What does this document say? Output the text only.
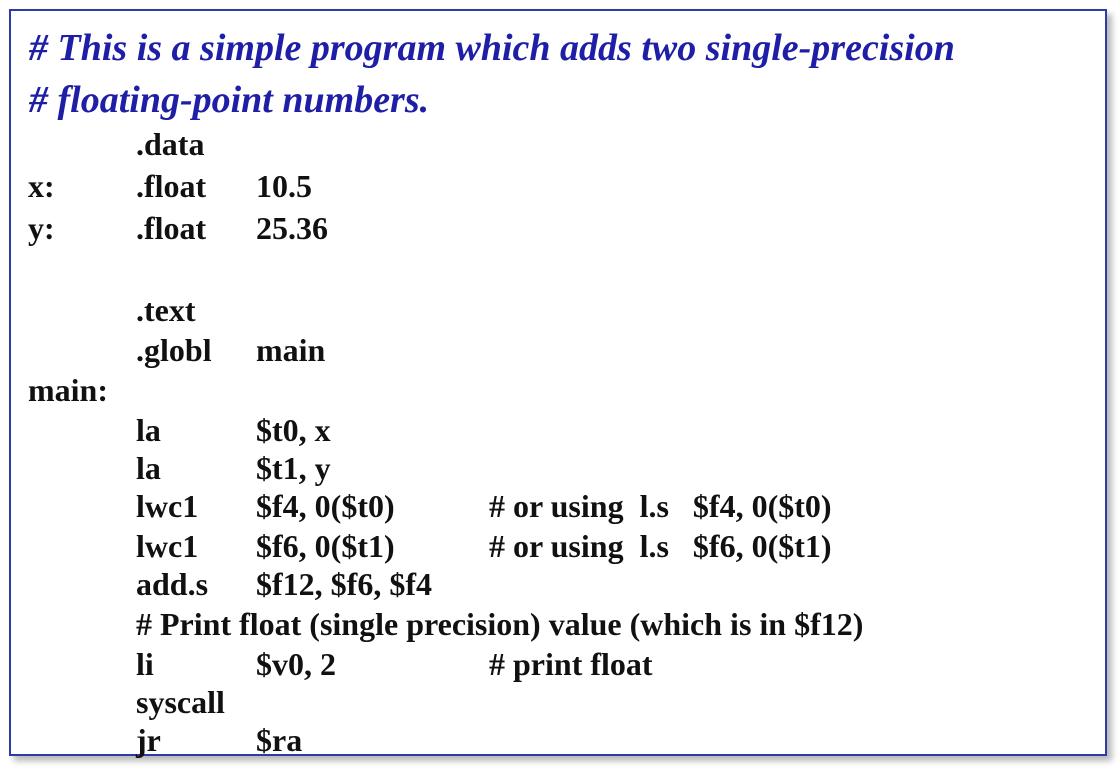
# This is a simple program which adds two single-precision
# floating-point numbers.
.data
x:	.float 10.5
y:	.float 25.36
.text
.globl main
main:
la	$t0, x
la	$t1, y
lwc1 $f4, 0($t0)	# or using  l.s   $f4, 0($t0)
lwc1 $f6, 0($t1)	# or using  l.s   $f6, 0($t1)
add.s $f12, $f6, $f4
# Print float (single precision) value (which is in $f12)
li	$v0, 2	# print float
syscall
jr	$ra
